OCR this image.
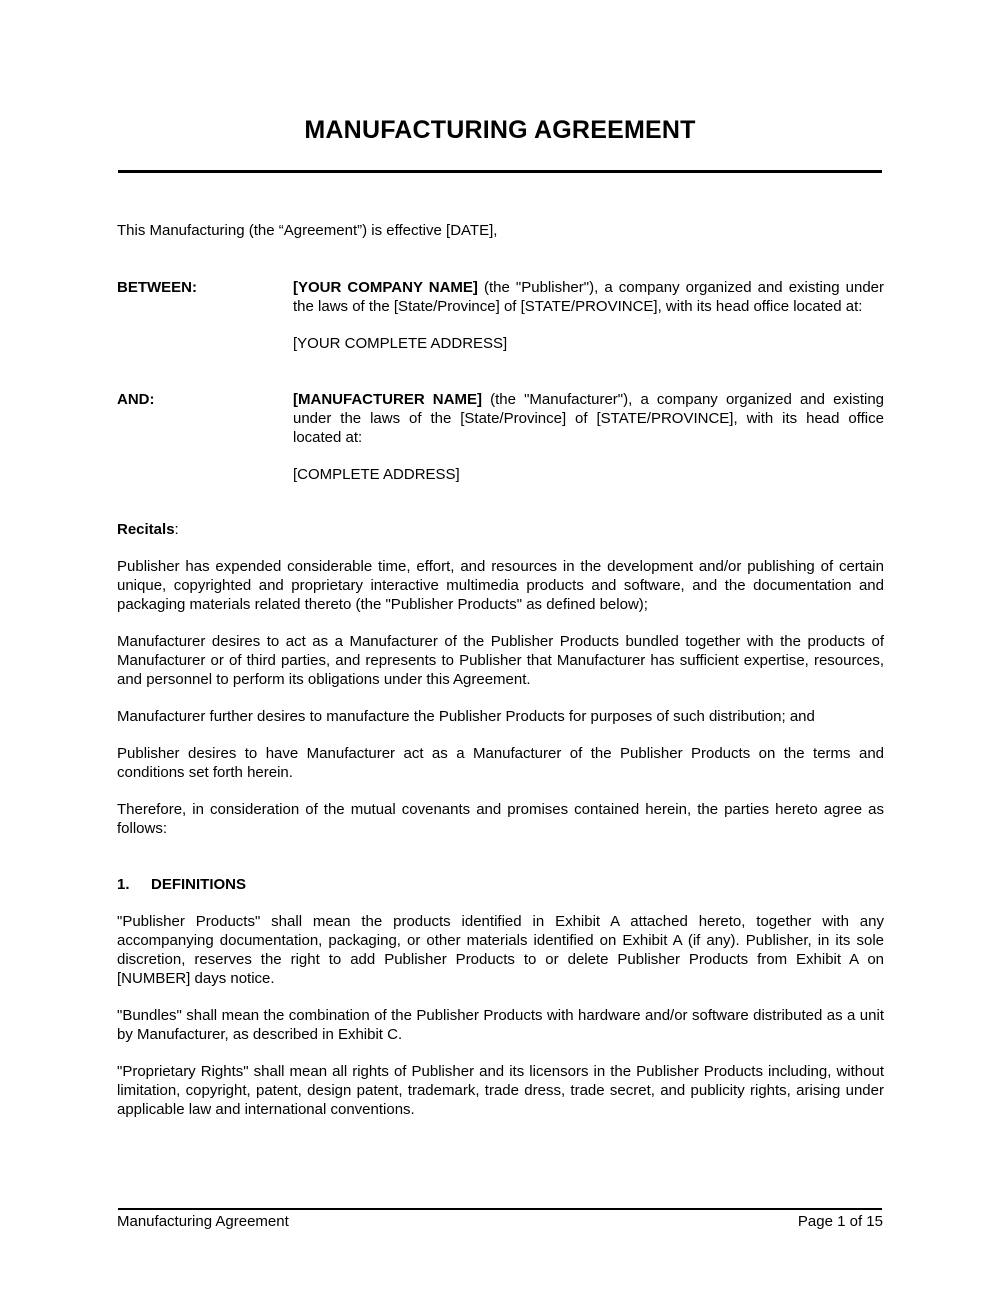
MANUFACTURING AGREEMENT

This Manufacturing (the “Agreement”) is effective [DATE],

BETWEEN:	[YOUR COMPANY NAME] (the "Publisher"), a company organized and existing under the laws of the [State/Province] of [STATE/PROVINCE], with its head office located at:

[YOUR COMPLETE ADDRESS]

AND:	[MANUFACTURER NAME] (the "Manufacturer"), a company organized and existing under the laws of the [State/Province] of [STATE/PROVINCE], with its head office located at:

[COMPLETE ADDRESS]

Recitals:

Publisher has expended considerable time, effort, and resources in the development and/or publishing of certain unique, copyrighted and proprietary interactive multimedia products and software, and the documentation and packaging materials related thereto (the "Publisher Products" as defined below);

Manufacturer desires to act as a Manufacturer of the Publisher Products bundled together with the products of Manufacturer or of third parties, and represents to Publisher that Manufacturer has sufficient expertise, resources, and personnel to perform its obligations under this Agreement.

Manufacturer further desires to manufacture the Publisher Products for purposes of such distribution; and

Publisher desires to have Manufacturer act as a Manufacturer of the Publisher Products on the terms and conditions set forth herein.

Therefore, in consideration of the mutual covenants and promises contained herein, the parties hereto agree as follows:

1.	DEFINITIONS

"Publisher Products" shall mean the products identified in Exhibit A attached hereto, together with any accompanying documentation, packaging, or other materials identified on Exhibit A (if any). Publisher, in its sole discretion, reserves the right to add Publisher Products to or delete Publisher Products from Exhibit A on [NUMBER] days notice.

"Bundles" shall mean the combination of the Publisher Products with hardware and/or software distributed as a unit by Manufacturer, as described in Exhibit C.

"Proprietary Rights" shall mean all rights of Publisher and its licensors in the Publisher Products including, without limitation, copyright, patent, design patent, trademark, trade dress, trade secret, and publicity rights, arising under applicable law and international conventions.

Manufacturing Agreement	Page 1 of 15
